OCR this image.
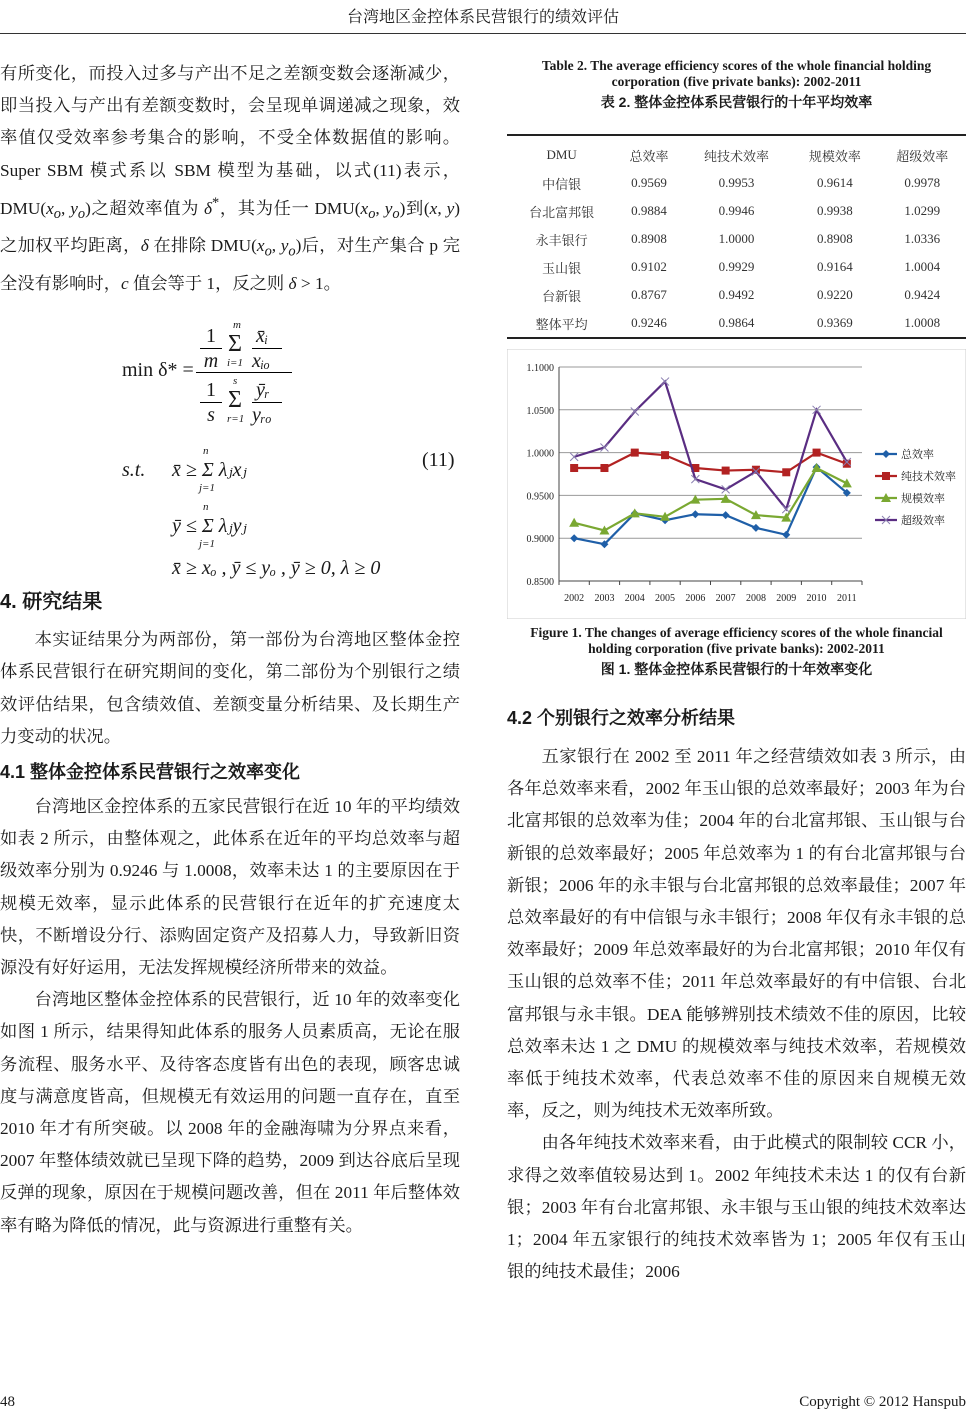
台湾地区金控体系民营银行的绩效评估

有所变化，而投入过多与产出不足之差额变数会逐渐减少，即当投入与产出有差额变数时，会呈现单调递减之现象，效率值仅受效率参考集合的影响，不受全体数据值的影响。Super SBM 模式系以 SBM 模型为基础，以式(11)表示，$DMU(x_o$, $y_o$)之超效率值为 δ*，其为任一 $DMU(x_o$, $y_o$)到(x, y)之加权平均距离，δ 在排除 $DMU(x_o$, $y_o$)后，对生产集合 p 完全没有影响时，c 值会等于 1，反之则 δ > 1。

min δ* =
1
m
m
Σ
i=1
x̄ᵢ
xᵢₒ
1
s
s
Σ
r=1
ȳᵣ
yᵣₒ
s.t.
n
x̄ ≥ Σ λⱼxⱼ
j=1
n
ȳ ≤ Σ λⱼyⱼ
j=1
x̄ ≥ xₒ , ȳ ≤ yₒ , ȳ ≥ 0, λ ≥ 0
(11)
4. 研究结果

本实证结果分为两部份，第一部份为台湾地区整体金控体系民营银行在研究期间的变化，第二部份为个别银行之绩效评估结果，包含绩效值、差额变量分析结果、及长期生产力变动的状况。

4.1 整体金控体系民营银行之效率变化

台湾地区金控体系的五家民营银行在近 10 年的平均绩效如表 2 所示，由整体观之，此体系在近年的平均总效率与超级效率分别为 0.9246 与 1.0008，效率未达 1 的主要原因在于规模无效率，显示此体系的民营银行在近年的扩充速度太快，不断增设分行、添购固定资产及招募人力，导致新旧资源没有好好运用，无法发挥规模经济所带来的效益。

台湾地区整体金控体系的民营银行，近 10 年的效率变化如图 1 所示，结果得知此体系的服务人员素质高，无论在服务流程、服务水平、及待客态度皆有出色的表现，顾客忠诚度与满意度皆高，但规模无有效运用的问题一直存在，直至 2010 年才有所突破。以 2008 年的金融海啸为分界点来看，2007 年整体绩效就已呈现下降的趋势，2009 到达谷底后呈现反弹的现象，原因在于规模问题改善，但在 2011 年后整体效率有略为降低的情况，此与资源进行重整有关。

Table 2. The average efficiency scores of the whole financial holding corporation (five private banks): 2002-2011
表 2. 整体金控体系民营银行的十年平均效率
DMU	总效率	纯技术效率	规模效率	超级效率
中信银	0.9569	0.9953	0.9614	0.9978
台北富邦银	0.9884	0.9946	0.9938	1.0299
永丰银行	0.8908	1.0000	0.8908	1.0336
玉山银	0.9102	0.9929	0.9164	1.0004
台新银	0.8767	0.9492	0.9220	0.9424
整体平均	0.9246	0.9864	0.9369	1.0008
0.8500
0.9000
0.9500
1.0000
1.0500
1.1000
2002 2003 2004 2005 2006 2007 2008 2009 2010 2011
总效率
纯技术效率
规模效率
超级效率
Figure 1. The changes of average efficiency scores of the whole financial holding corporation (five private banks): 2002-2011
图 1. 整体金控体系民营银行的十年效率变化
4.2 个别银行之效率分析结果

五家银行在 2002 至 2011 年之经营绩效如表 3 所示，由各年总效率来看，2002 年玉山银的总效率最好；2003 年为台北富邦银的总效率为佳；2004 年的台北富邦银、玉山银与台新银的总效率最好；2005 年总效率为 1 的有台北富邦银与台新银；2006 年的永丰银与台北富邦银的总效率最佳；2007 年总效率最好的有中信银与永丰银行；2008 年仅有永丰银的总效率最好；2009 年总效率最好的为台北富邦银；2010 年仅有玉山银的总效率不佳；2011 年总效率最好的有中信银、台北富邦银与永丰银。DEA 能够辨别技术绩效不佳的原因，比较总效率未达 1 之 DMU 的规模效率与纯技术效率，若规模效率低于纯技术效率，代表总效率不佳的原因来自规模无效率，反之，则为纯技术无效率所致。

由各年纯技术效率来看，由于此模式的限制较 CCR 小，求得之效率值较易达到 1。2002 年纯技术未达 1 的仅有台新银；2003 年有台北富邦银、永丰银与玉山银的纯技术效率达 1；2004 年五家银行的纯技术效率皆为 1；2005 年仅有玉山银的纯技术最佳；2006

48	Copyright © 2012 Hanspub
